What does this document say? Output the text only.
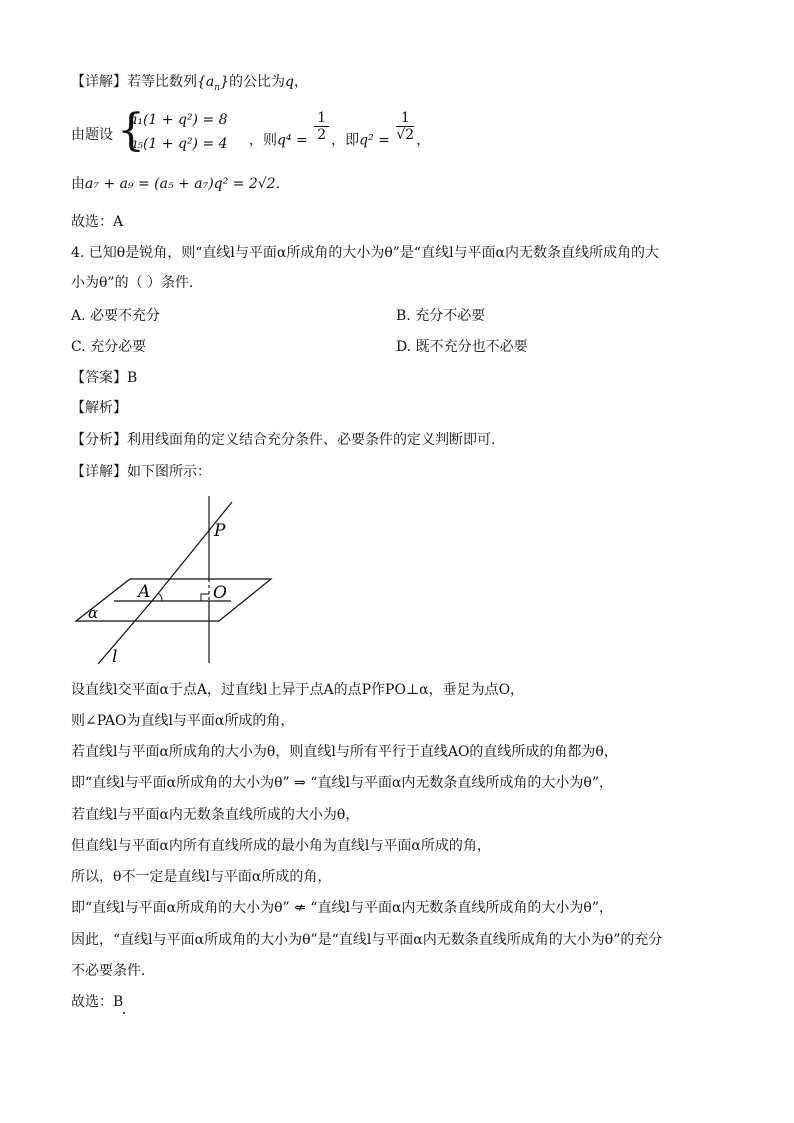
【详解】若等比数列$\{a_n\}$的公比为q，
由题设 {
a₁(1 + q²) = 8
a₅(1 + q²) = 4 ，则$q^4 = \frac{1}{2}$ ，即$q^2 = \frac{1}{√2}$ ，
由a₇ + a₉ = (a₅ + a₇)q² = 2√2.
故选：A
4. 已知θ是锐角，则“直线l与平面α所成角的大小为θ”是“直线l与平面α内无数条直线所成角的大
小为θ”的（ ）条件.
A. 必要不充分	B. 充分不必要
C. 充分必要	D. 既不充分也不必要
【答案】B
【解析】
【分析】利用线面角的定义结合充分条件、必要条件的定义判断即可.
【详解】如下图所示：
P
A	O
α
l
设直线l交平面α于点A，过直线l上异于点A的点P作PO⊥α，垂足为点O，
则∠PAO为直线l与平面α所成的角，
若直线l与平面α所成角的大小为θ，则直线l与所有平行于直线AO的直线所成的角都为θ，
即“直线l与平面α所成角的大小为θ” ⇒ “直线l与平面α内无数条直线所成角的大小为θ”，
若直线l与平面α内无数条直线所成的大小为θ，
但直线l与平面α内所有直线所成的最小角为直线l与平面α所成的角，
所以，θ不一定是直线l与平面α所成的角，
即“直线l与平面α所成角的大小为θ” ⇍ “直线l与平面α内无数条直线所成角的大小为θ”，
因此，“直线l与平面α所成角的大小为θ”是“直线l与平面α内无数条直线所成角的大小为θ”的充分
不必要条件.
故选：B
